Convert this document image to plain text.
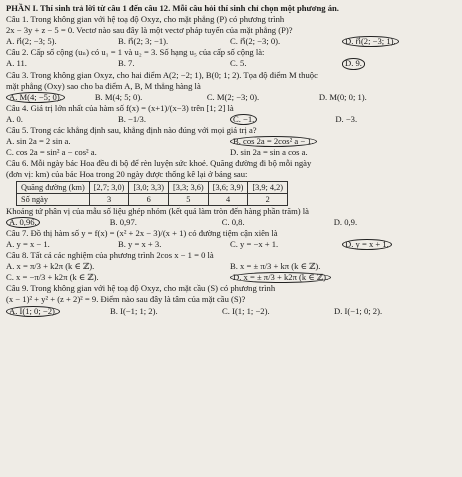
PHẦN I. Thí sinh trả lời từ câu 1 đến câu 12. Mỗi câu hỏi thí sinh chỉ chọn một phương án.
Câu 1. Trong không gian với hệ toạ độ Oxyz, cho mặt phẳng (P) có phương trình
2x − 3y + z − 5 = 0. Vectơ nào sau đây là một vectơ pháp tuyến của mặt phẳng (P)?
A. n⃗(2; −3; 5).	B. n⃗(2; 3; −1).	C. n⃗(2; −3; 0).	D. n⃗(2; −3; 1).
Câu 2. Cấp số cộng (uₙ) có u₁ = 1 và u₂ = 3. Số hạng u₅ của cấp số cộng là:
A. 11.	B. 7.	C. 5.	D. 9.
Câu 3. Trong không gian Oxyz, cho hai điểm A(2; −2; 1), B(0; 1; 2). Tọa độ điểm M thuộc
mặt phẳng (Oxy) sao cho ba điểm A, B, M thẳng hàng là
A. M(4; −5; 0).	B. M(4; 5; 0).	C. M(2; −3; 0).	D. M(0; 0; 1).
Câu 4. Giá trị lớn nhất của hàm số f(x) = (x+1)/(x−3) trên [1; 2] là
A. 0.	B. −1/3.	C. −1.	D. −3.
Câu 5. Trong các khẳng định sau, khẳng định nào đúng với mọi giá trị a?
A. sin 2a = 2 sin a.	B. cos 2a = 2cos² a − 1.
C. cos 2a = sin² a − cos² a.	D. sin 2a = sin a cos a.
Câu 6. Mỗi ngày bác Hoa đều đi bộ để rèn luyện sức khoẻ. Quãng đường đi bộ mỗi ngày
(đơn vị: km) của bác Hoa trong 20 ngày được thống kê lại ở bảng sau:
Quãng đường (km)	[2,7; 3,0)	[3,0; 3,3)	[3,3; 3,6)	[3,6; 3,9)	[3,9; 4,2)
Số ngày	3	6	5	4	2
Khoảng tứ phân vị của mẫu số liệu ghép nhóm (kết quả làm tròn đến hàng phần trăm) là
A. 0,96.	B. 0,97.	C. 0,8.	D. 0,9.
Câu 7. Đồ thị hàm số y = f(x) = (x² + 2x − 3)/(x + 1) có đường tiệm cận xiên là
A. y = x − 1.	B. y = x + 3.	C. y = −x + 1.	D. y = x + 1.
Câu 8. Tất cả các nghiệm của phương trình 2cos x − 1 = 0 là
A. x = π/3 + k2π (k ∈ ℤ).	B. x = ± π/3 + kπ (k ∈ ℤ).
C. x = −π/3 + k2π (k ∈ ℤ).	D. x = ± π/3 + k2π (k ∈ ℤ).
Câu 9. Trong không gian với hệ toạ độ Oxyz, cho mặt cầu (S) có phương trình
(x − 1)² + y² + (z + 2)² = 9. Điểm nào sau đây là tâm của mặt cầu (S)?
A. I(1; 0; −2).	B. I(−1; 1; 2).	C. I(1; 1; −2).	D. I(−1; 0; 2).
